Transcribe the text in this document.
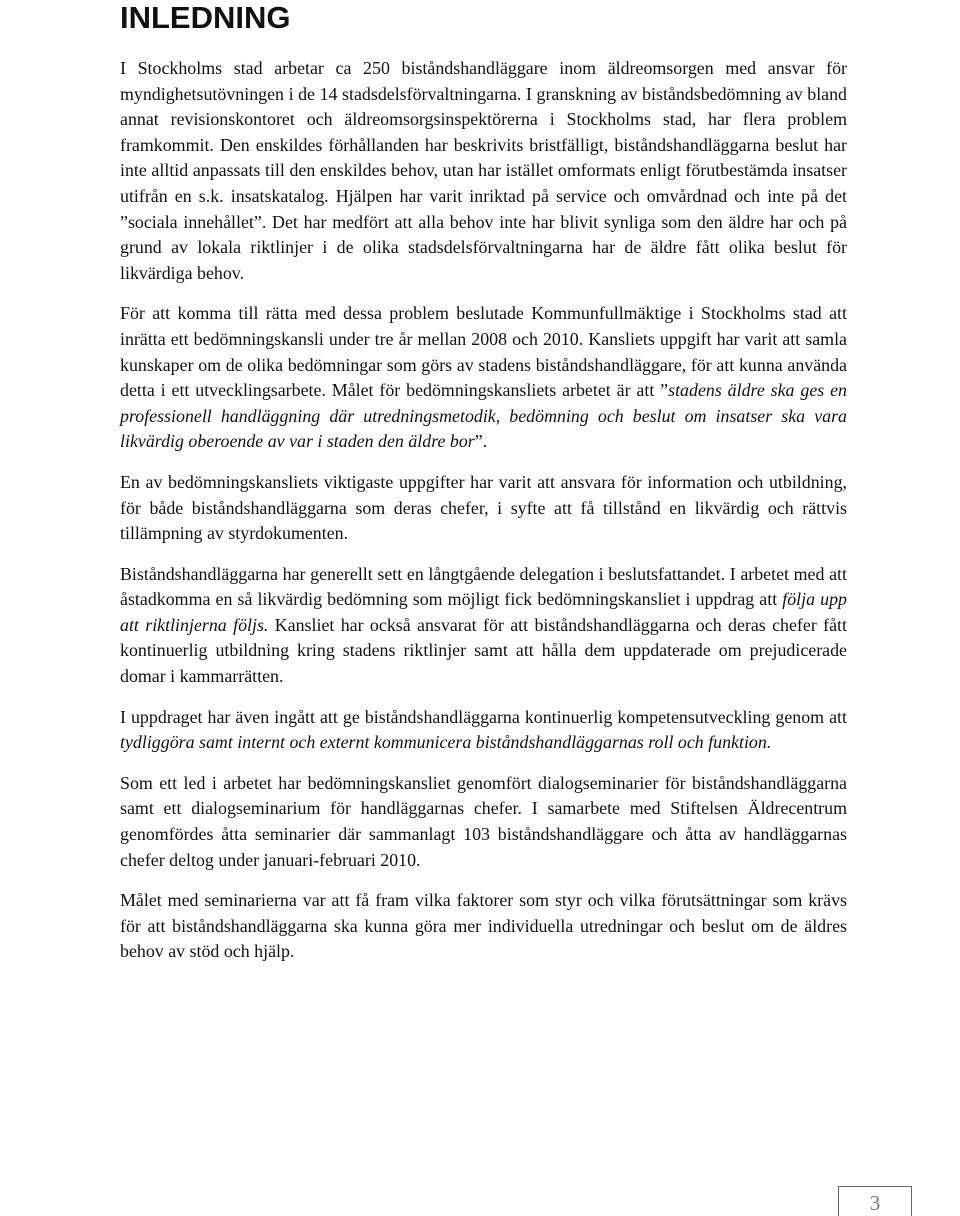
INLEDNING

I Stockholms stad arbetar ca 250 biståndshandläggare inom äldreomsorgen med ansvar för myndighetsutövningen i de 14 stadsdelsförvaltningarna. I granskning av biståndsbedömning av bland annat revisionskontoret och äldreomsorgsinspektörerna i Stockholms stad, har flera problem framkommit. Den enskildes förhållanden har beskrivits bristfälligt, biståndshandläggarna beslut har inte alltid anpassats till den enskildes behov, utan har istället omformats enligt förutbestämda insatser utifrån en s.k. insatskatalog. Hjälpen har varit inriktad på service och omvårdnad och inte på det ”sociala innehållet”. Det har medfört att alla behov inte har blivit synliga som den äldre har och på grund av lokala riktlinjer i de olika stadsdelsförvaltningarna har de äldre fått olika beslut för likvärdiga behov.

För att komma till rätta med dessa problem beslutade Kommunfullmäktige i Stockholms stad att inrätta ett bedömningskansli under tre år mellan 2008 och 2010. Kansliets uppgift har varit att samla kunskaper om de olika bedömningar som görs av stadens biståndshandläggare, för att kunna använda detta i ett utvecklingsarbete. Målet för bedömningskansliets arbetet är att ”stadens äldre ska ges en professionell handläggning där utredningsmetodik, bedömning och beslut om insatser ska vara likvärdig oberoende av var i staden den äldre bor”.

En av bedömningskansliets viktigaste uppgifter har varit att ansvara för information och utbildning, för både biståndshandläggarna som deras chefer, i syfte att få tillstånd en likvärdig och rättvis tillämpning av styrdokumenten.

Biståndshandläggarna har generellt sett en långtgående delegation i beslutsfattandet. I arbetet med att åstadkomma en så likvärdig bedömning som möjligt fick bedömningskansliet i uppdrag att följa upp att riktlinjerna följs. Kansliet har också ansvarat för att biståndshandläggarna och deras chefer fått kontinuerlig utbildning kring stadens riktlinjer samt att hålla dem uppdaterade om prejudicerade domar i kammarrätten.

I uppdraget har även ingått att ge biståndshandläggarna kontinuerlig kompetensutveckling genom att tydliggöra samt internt och externt kommunicera biståndshandläggarnas roll och funktion.

Som ett led i arbetet har bedömningskansliet genomfört dialogseminarier för biståndshandläggarna samt ett dialogseminarium för handläggarnas chefer. I samarbete med Stiftelsen Äldrecentrum genomfördes åtta seminarier där sammanlagt 103 biståndshandläggare och åtta av handläggarnas chefer deltog under januari-februari 2010.

Målet med seminarierna var att få fram vilka faktorer som styr och vilka förutsättningar som krävs för att biståndshandläggarna ska kunna göra mer individuella utredningar och beslut om de äldres behov av stöd och hjälp.

3
